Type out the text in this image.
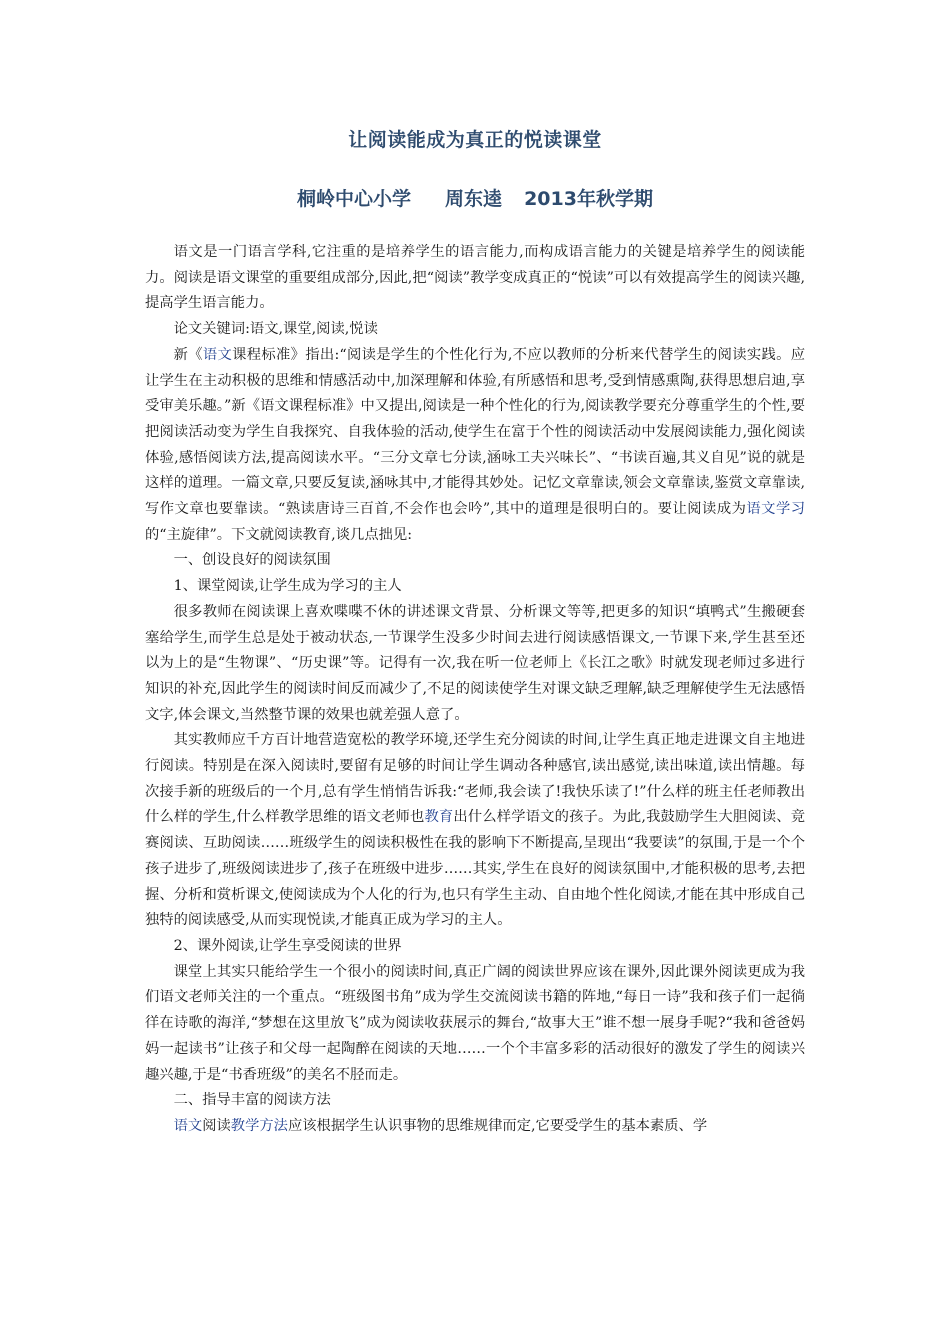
让阅读能成为真正的悦读课堂
桐岭中心小学 周东逵 2013年秋学期

语文是一门语言学科,它注重的是培养学生的语言能力,而构成语言能力的关键是培养学生的阅读能力。阅读是语文课堂的重要组成部分,因此,把“阅读”教学变成真正的“悦读”可以有效提高学生的阅读兴趣,提高学生语言能力。

论文关键词:语文,课堂,阅读,悦读

新《语文课程标准》指出:“阅读是学生的个性化行为,不应以教师的分析来代替学生的阅读实践。应让学生在主动积极的思维和情感活动中,加深理解和体验,有所感悟和思考,受到情感熏陶,获得思想启迪,享受审美乐趣。”新《语文课程标准》中又提出,阅读是一种个性化的行为,阅读教学要充分尊重学生的个性,要把阅读活动变为学生自我探究、自我体验的活动,使学生在富于个性的阅读活动中发展阅读能力,强化阅读体验,感悟阅读方法,提高阅读水平。“三分文章七分读,涵咏工夫兴味长”、“书读百遍,其义自见”说的就是这样的道理。一篇文章,只要反复读,涵咏其中,才能得其妙处。记忆文章靠读,领会文章靠读,鉴赏文章靠读,写作文章也要靠读。“熟读唐诗三百首,不会作也会吟”,其中的道理是很明白的。要让阅读成为语文学习的“主旋律”。下文就阅读教育,谈几点拙见:

一、创设良好的阅读氛围

1、课堂阅读,让学生成为学习的主人

很多教师在阅读课上喜欢喋喋不休的讲述课文背景、分析课文等等,把更多的知识“填鸭式”生搬硬套塞给学生,而学生总是处于被动状态,一节课学生没多少时间去进行阅读感悟课文,一节课下来,学生甚至还以为上的是“生物课”、“历史课”等。记得有一次,我在听一位老师上《长江之歌》时就发现老师过多进行知识的补充,因此学生的阅读时间反而减少了,不足的阅读使学生对课文缺乏理解,缺乏理解使学生无法感悟文字,体会课文,当然整节课的效果也就差强人意了。

其实教师应千方百计地营造宽松的教学环境,还学生充分阅读的时间,让学生真正地走进课文自主地进行阅读。特别是在深入阅读时,要留有足够的时间让学生调动各种感官,读出感觉,读出味道,读出情趣。每次接手新的班级后的一个月,总有学生悄悄告诉我:“老师,我会读了!我快乐读了!”什么样的班主任老师教出什么样的学生,什么样教学思维的语文老师也教育出什么样学语文的孩子。为此,我鼓励学生大胆阅读、竞赛阅读、互助阅读……班级学生的阅读积极性在我的影响下不断提高,呈现出“我要读”的氛围,于是一个个孩子进步了,班级阅读进步了,孩子在班级中进步……其实,学生在良好的阅读氛围中,才能积极的思考,去把握、分析和赏析课文,使阅读成为个人化的行为,也只有学生主动、自由地个性化阅读,才能在其中形成自己独特的阅读感受,从而实现悦读,才能真正成为学习的主人。

2、课外阅读,让学生享受阅读的世界

课堂上其实只能给学生一个很小的阅读时间,真正广阔的阅读世界应该在课外,因此课外阅读更成为我们语文老师关注的一个重点。“班级图书角”成为学生交流阅读书籍的阵地,“每日一诗”我和孩子们一起徜徉在诗歌的海洋,“梦想在这里放飞”成为阅读收获展示的舞台,“故事大王”谁不想一展身手呢?“我和爸爸妈妈一起读书”让孩子和父母一起陶醉在阅读的天地……一个个丰富多彩的活动很好的激发了学生的阅读兴趣兴趣,于是“书香班级”的美名不胫而走。

二、指导丰富的阅读方法

语文阅读教学方法应该根据学生认识事物的思维规律而定,它要受学生的基本素质、学
